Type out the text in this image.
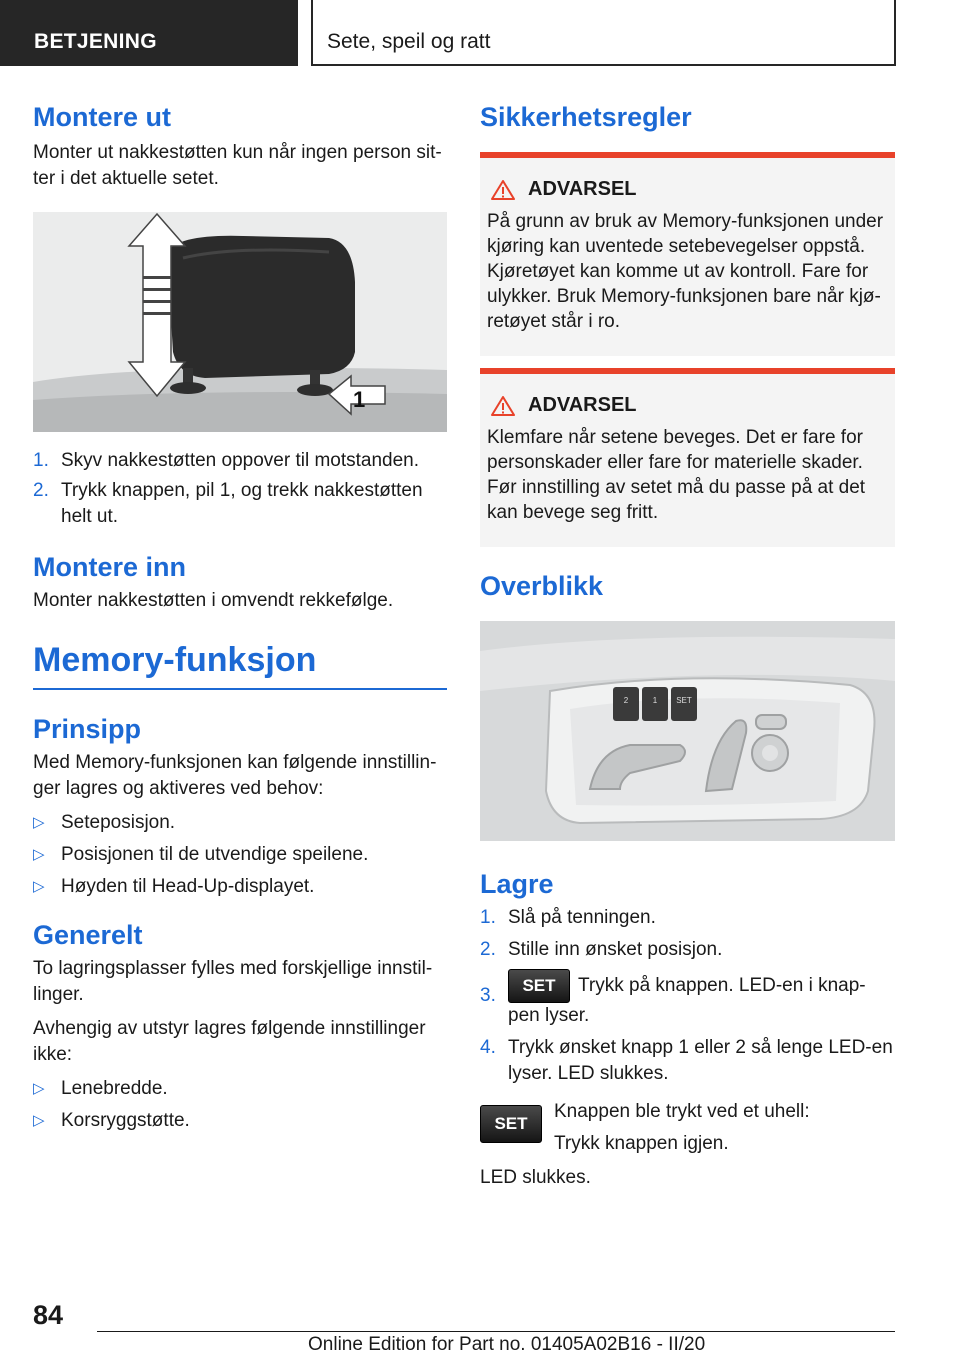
BETJENING	Sete, speil og ratt
Montere ut

Monter ut nakkestøtten kun når ingen person sit-ter i det aktuelle setet.

1
1. Skyv nakkestøtten oppover til motstanden.
2. Trykk knappen, pil 1, og trekk nakkestøtten helt ut.
Montere inn

Monter nakkestøtten i omvendt rekkefølge.

Memory-funksjon
Prinsipp

Med Memory-funksjonen kan følgende innstillin-ger lagres og aktiveres ved behov:

▷ Seteposisjon.
▷ Posisjonen til de utvendige speilene.
▷ Høyden til Head-Up-displayet.
Generelt

To lagringsplasser fylles med forskjellige innstil-linger.

Avhengig av utstyr lagres følgende innstillinger ikke:

▷ Lenebredde.
▷ Korsryggstøtte.
Sikkerhetsregler
ADVARSEL

På grunn av bruk av Memory-funksjonen under kjøring kan uventede setebevegelser oppstå. Kjøretøyet kan komme ut av kontroll. Fare for ulykker. Bruk Memory-funksjonen bare når kjø-retøyet står i ro.

ADVARSEL

Klemfare når setene beveges. Det er fare for personskader eller fare for materielle skader. Før innstilling av setet må du passe på at det kan bevege seg fritt.

Overblikk
2	1 SET
Lagre
1. Slå på tenningen.
2. Stille inn ønsket posisjon.
3. SET Trykk på knappen. LED-en i knap-pen lyser.
4. Trykk ønsket knapp 1 eller 2 så lenge LED-en lyser. LED slukkes.
SET

Knappen ble trykt ved et uhell:

Trykk knappen igjen.

LED slukkes.

84
Online Edition for Part no. 01405A02B16 - II/20
